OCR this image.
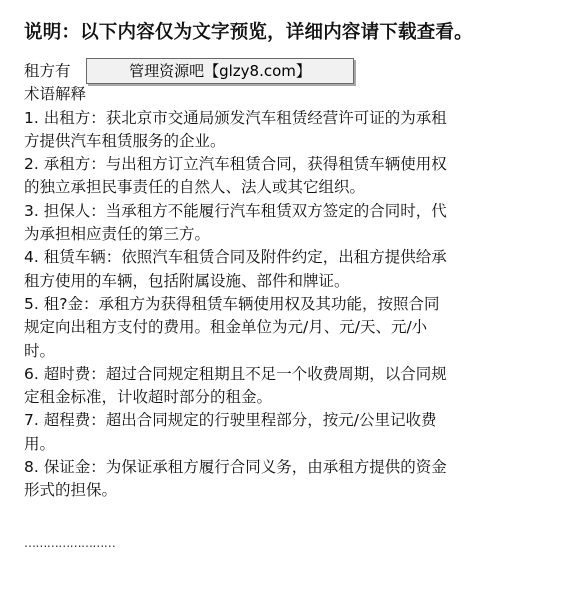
说明：以下内容仅为文字预览，详细内容请下载查看。
租方有
术语解释
1. 出租方：获北京市交通局颁发汽车租赁经营许可证的为承租
方提供汽车租赁服务的企业。
2. 承租方：与出租方订立汽车租赁合同，获得租赁车辆使用权
的独立承担民事责任的自然人、法人或其它组织。
3. 担保人：当承租方不能履行汽车租赁双方签定的合同时，代
为承担相应责任的第三方。
4. 租赁车辆：依照汽车租赁合同及附件约定，出租方提供给承
租方使用的车辆，包括附属设施、部件和牌证。
5. 租?金：承租方为获得租赁车辆使用权及其功能，按照合同
规定向出租方支付的费用。租金单位为元/月、元/天、元/小
时。
6. 超时费：超过合同规定租期且不足一个收费周期，以合同规
定租金标准，计收超时部分的租金。
7. 超程费：超出合同规定的行驶里程部分，按元/公里记收费
用。
8. 保证金：为保证承租方履行合同义务，由承租方提供的资金
形式的担保。
……………………
管理资源吧【glzy8.com】
